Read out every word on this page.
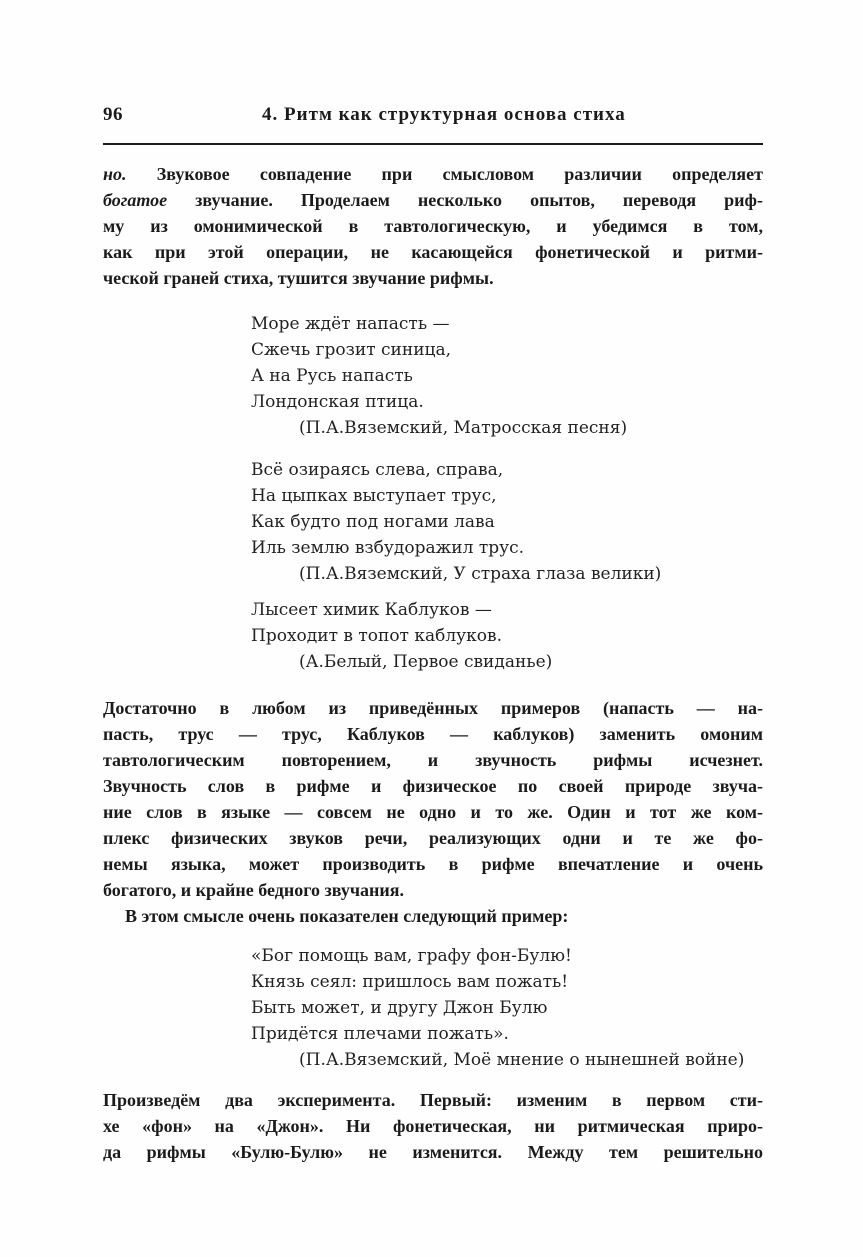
96	4. Ритм как структурная основа стиха
но. Звуковое совпадение при смысловом различии определяет
богатое звучание. Проделаем несколько опытов, переводя риф-
му из омонимической в тавтологическую, и убедимся в том,
как при этой операции, не касающейся фонетической и ритми-
ческой граней стиха, тушится звучание рифмы.
Море ждёт напасть —
Сжечь грозит синица,
А на Русь напасть
Лондонская птица.
(П.А.Вяземский, Матросская песня)
Всё озираясь слева, справа,
На цыпках выступает трус,
Как будто под ногами лава
Иль землю взбудоражил трус.
(П.А.Вяземский, У страха глаза велики)
Лысеет химик Каблуков —
Проходит в топот каблуков.
(А.Белый, Первое свиданье)
Достаточно в любом из приведённых примеров (напасть — на-
пасть, трус — трус, Каблуков — каблуков) заменить омоним
тавтологическим повторением, и звучность рифмы исчезнет.
Звучность слов в рифме и физическое по своей природе звуча-
ние слов в языке — совсем не одно и то же. Один и тот же ком-
плекс физических звуков речи, реализующих одни и те же фо-
немы языка, может производить в рифме впечатление и очень
богатого, и крайне бедного звучания.
В этом смысле очень показателен следующий пример:
«Бог помощь вам, графу фон-Булю!
Князь сеял: пришлось вам пожать!
Быть может, и другу Джон Булю
Придётся плечами пожать».
(П.А.Вяземский, Моё мнение о нынешней войне)
Произведём два эксперимента. Первый: изменим в первом сти-
хе «фон» на «Джон». Ни фонетическая, ни ритмическая приро-
да рифмы «Булю-Булю» не изменится. Между тем решительно
